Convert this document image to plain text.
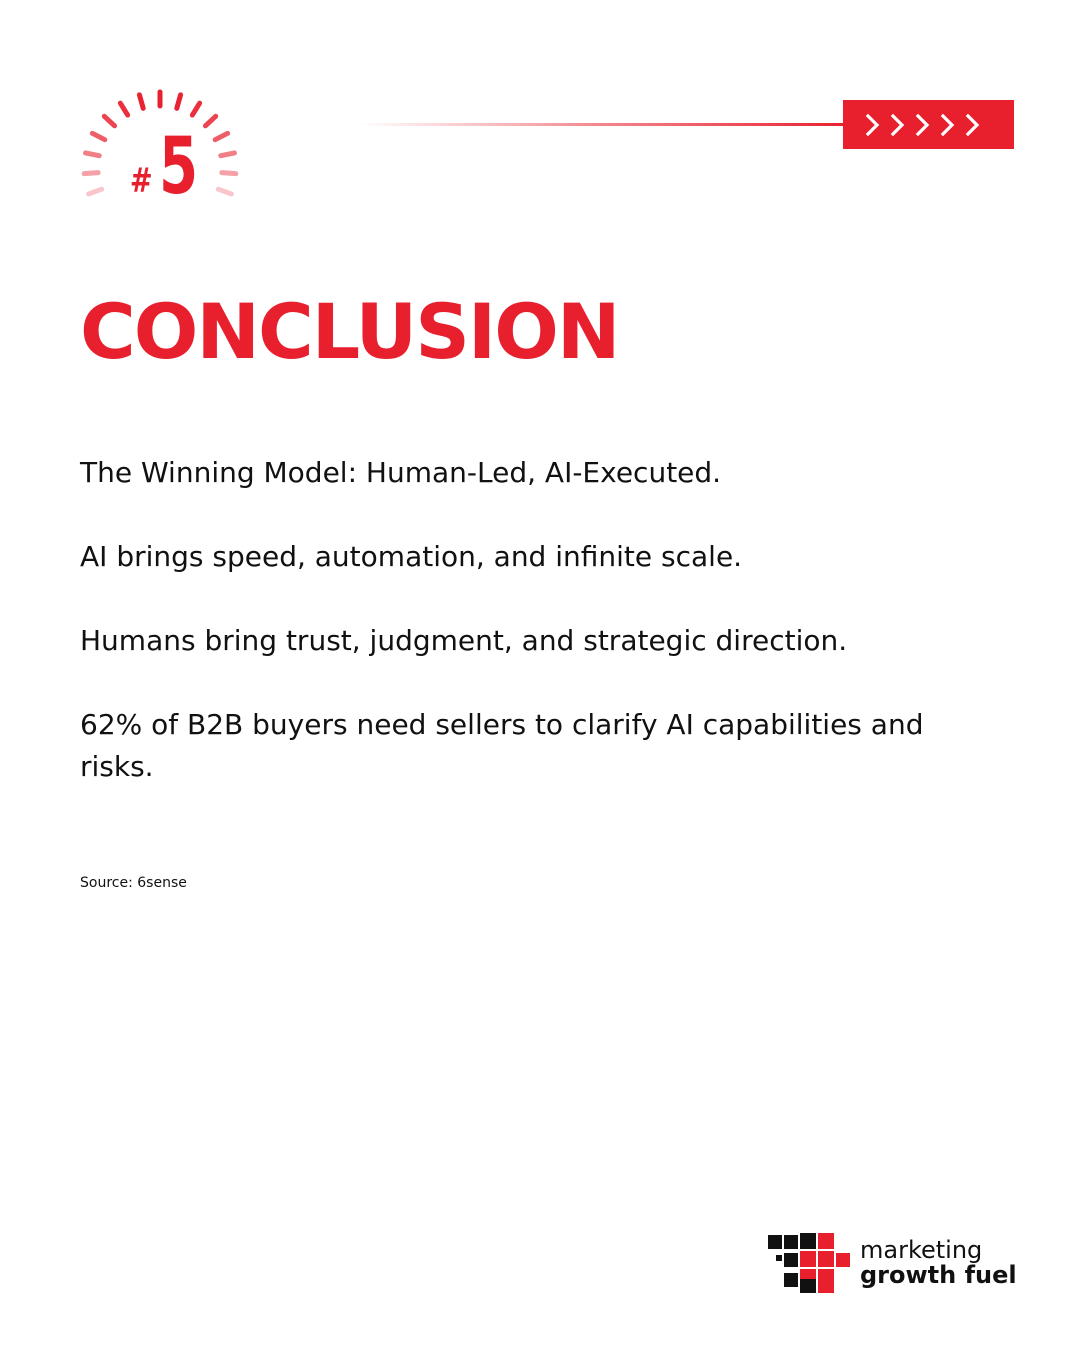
# 5
CONCLUSION

The Winning Model: Human-Led, AI-Executed.

AI brings speed, automation, and infinite scale.

Humans bring trust, judgment, and strategic direction.

62% of B2B buyers need sellers to clarify AI capabilities and risks.

Source: 6sense
marketing
growth fuel
